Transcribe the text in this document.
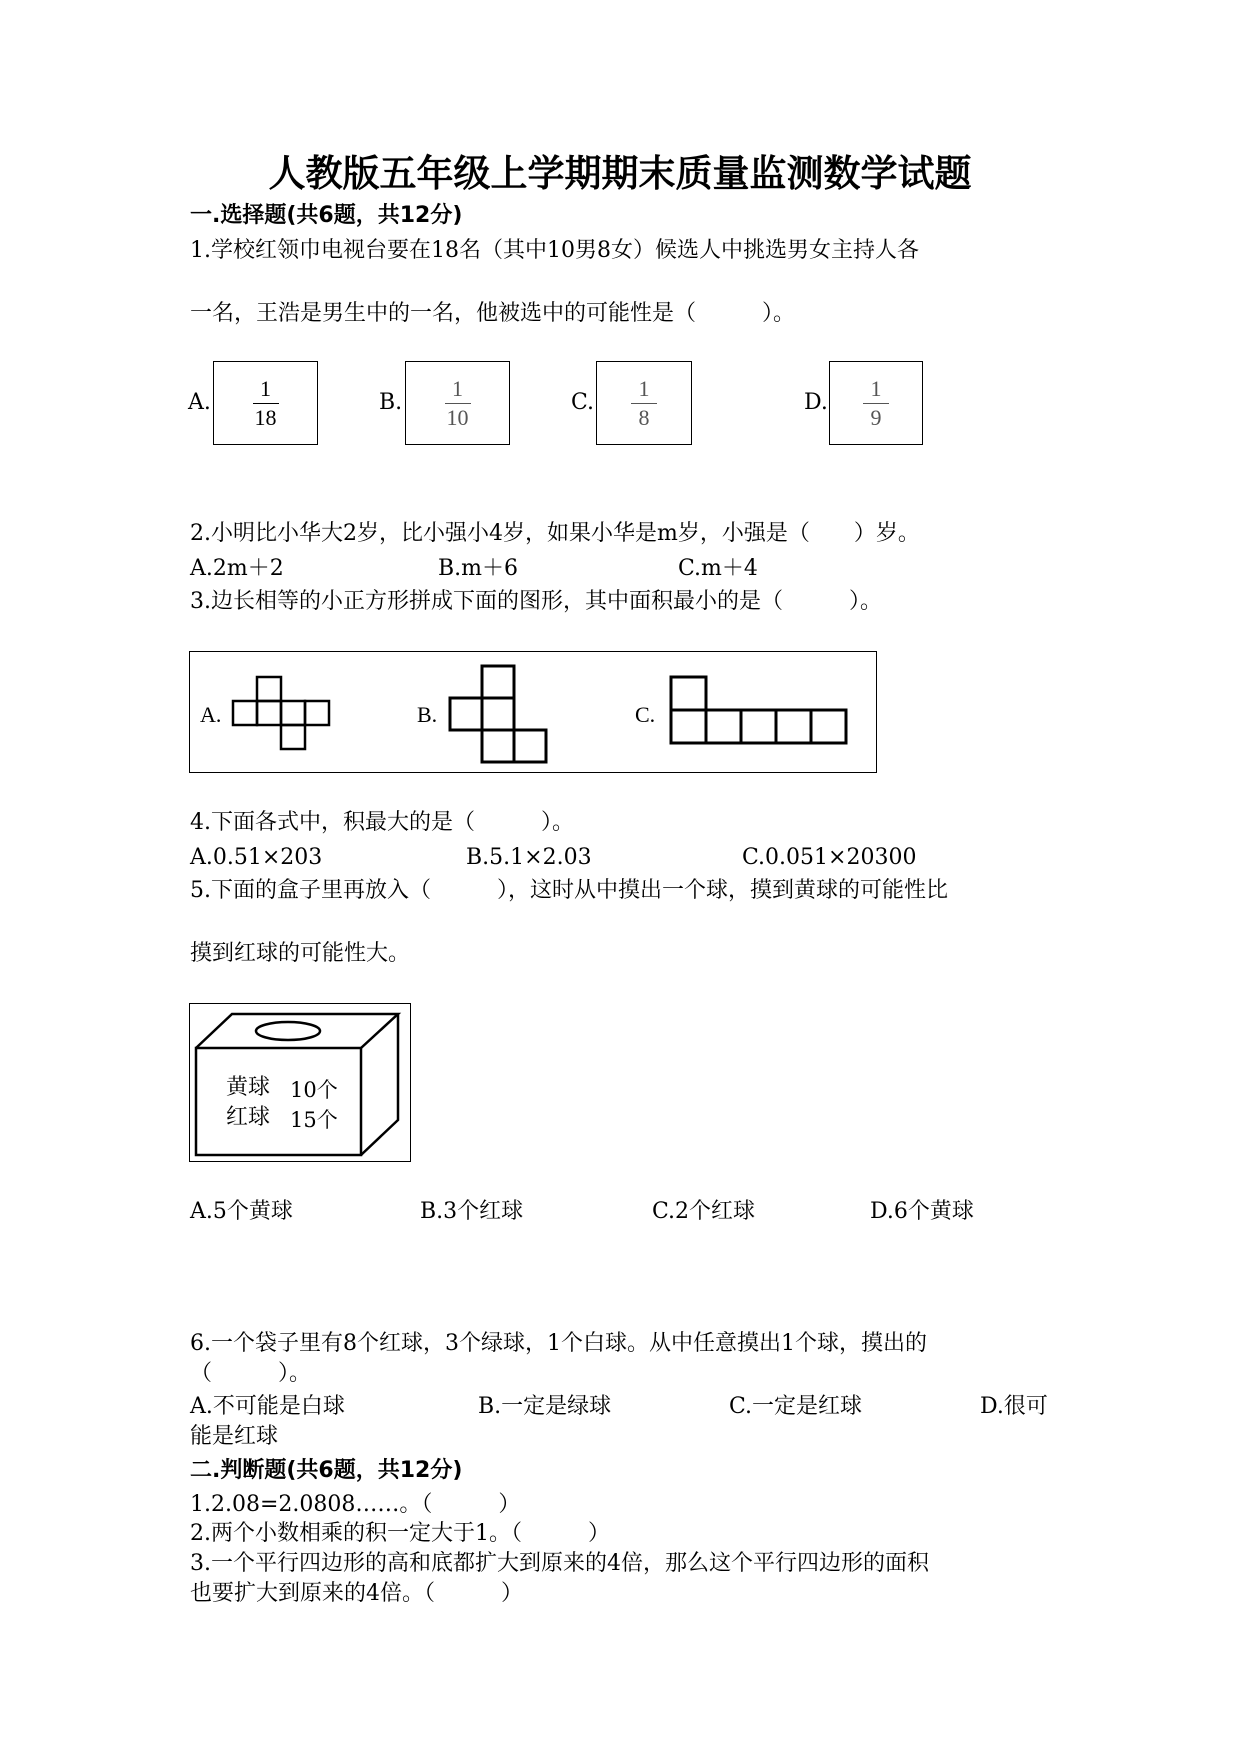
人教版五年级上学期期末质量监测数学试题
一.选择题(共6题，共12分)
1.学校红领巾电视台要在18名（其中10男8女）候选人中挑选男女主持人各
一名，王浩是男生中的一名，他被选中的可能性是（　　　）。
A.
1
18
B.
1
10
C.
1
8
D.
1
9
2.小明比小华大2岁，比小强小4岁，如果小华是m岁，小强是（　　）岁。
A.2m＋2	B.m＋6	C.m＋4
3.边长相等的小正方形拼成下面的图形，其中面积最小的是（　　　）。
A.	B.	C.
4.下面各式中，积最大的是（　　　）。
A.0.51×203	B.5.1×2.03	C.0.051×20300
5.下面的盒子里再放入（　　　），这时从中摸出一个球，摸到黄球的可能性比
摸到红球的可能性大。
黄球 10个
红球 15个
A.5个黄球	B.3个红球	C.2个红球	D.6个黄球
6.一个袋子里有8个红球，3个绿球，1个白球。从中任意摸出1个球，摸出的
（　　　）。
A.不可能是白球	B.一定是绿球	C.一定是红球	D.很可
能是红球
二.判断题(共6题，共12分)
1.2.08=2.0808……。（　　　）
2.两个小数相乘的积一定大于1。（　　　）
3.一个平行四边形的高和底都扩大到原来的4倍，那么这个平行四边形的面积
也要扩大到原来的4倍。（　　　）
